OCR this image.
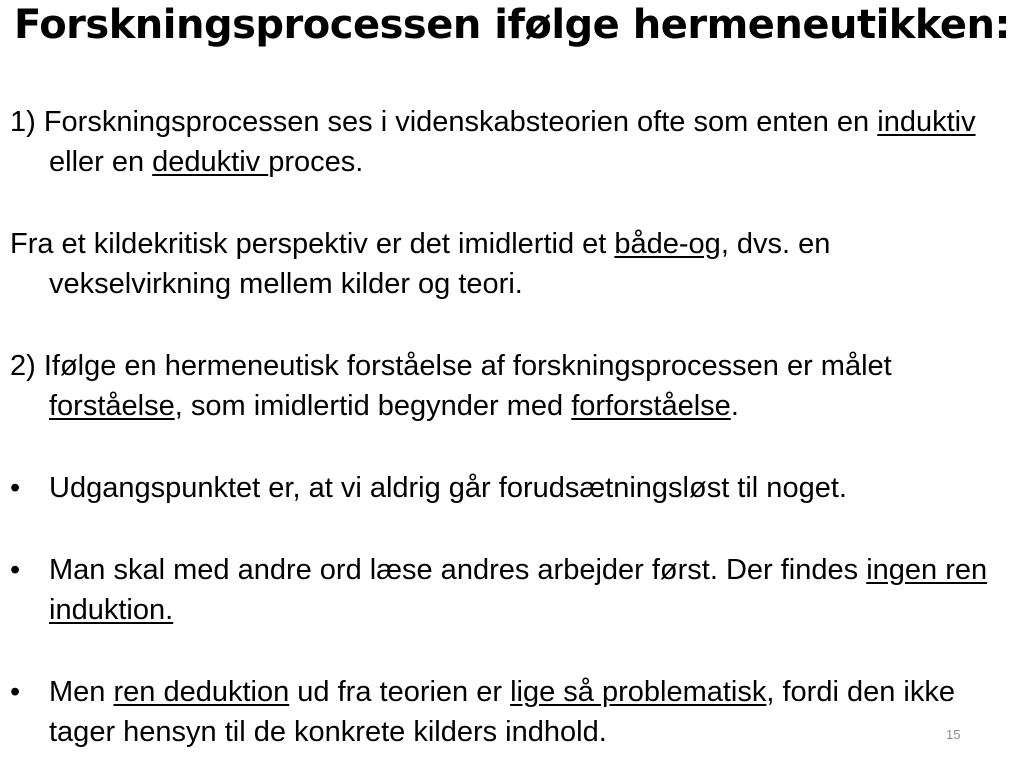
Forskningsprocessen ifølge hermeneutikken:

1) Forskningsprocessen ses i videnskabsteorien ofte som enten en induktiv eller en deduktiv proces.

Fra et kildekritisk perspektiv er det imidlertid et både-og, dvs. en vekselvirkning mellem kilder og teori.

2) Ifølge en hermeneutisk forståelse af forskningsprocessen er målet forståelse, som imidlertid begynder med forforståelse.

• Udgangspunktet er, at vi aldrig går forudsætningsløst til noget.

• Man skal med andre ord læse andres arbejder først. Der findes ingen ren induktion.

• Men ren deduktion ud fra teorien er lige så problematisk, fordi den ikke tager hensyn til de konkrete kilders indhold.	15
